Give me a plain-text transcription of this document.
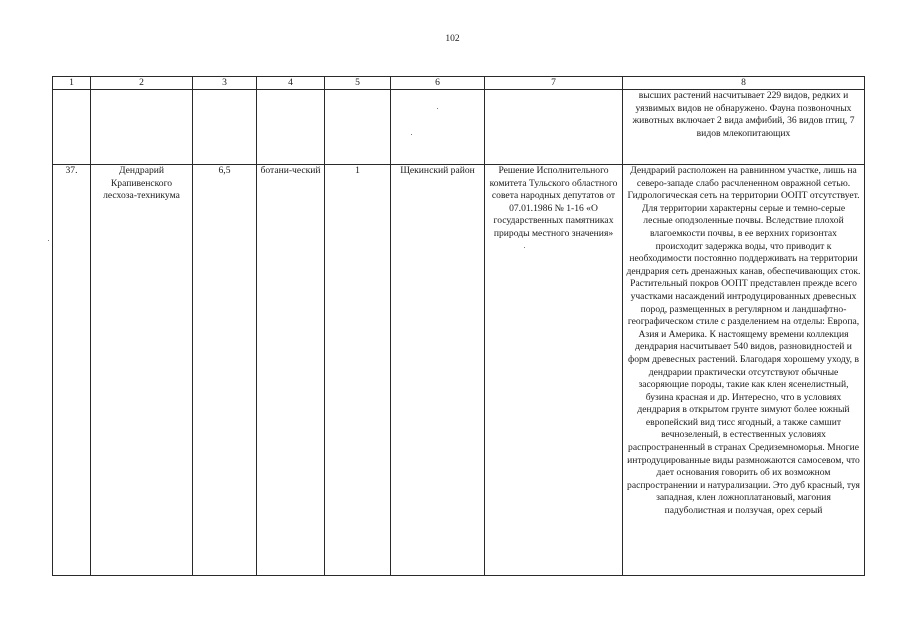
102
1	2	3	4	5	6	7	8
							высших растений насчитывает 229 видов, редких и уязвимых видов не обнаружено. Фауна позвоночных животных включает 2 вида амфибий, 36 видов птиц, 7 видов млекопитающих
37.	Дендрарий Крапивенского лесхоза-техникума	6,5	ботани-ческий	1	Щекинский район	Решение Исполнительного комитета Тульского областного совета народных депутатов от 07.01.1986 № 1-16 «О государственных памятниках природы местного значения»	Дендрарий расположен на равнинном участке, лишь на северо-западе слабо расчлененном овражной сетью. Гидрологическая сеть на территории ООПТ отсутствует. Для территории характерны серые и темно-серые лесные оподзоленные почвы. Вследствие плохой влагоемкости почвы, в ее верхних горизонтах происходит задержка воды, что приводит к необходимости постоянно поддерживать на территории дендрария сеть дренажных канав, обеспечивающих сток. Растительный покров ООПТ представлен прежде всего участками насаждений интродуцированных древесных пород, размещенных в регулярном и ландшафтно-географическом стиле с разделением на отделы: Европа, Азия и Америка. К настоящему времени коллекция дендрария насчитывает 540 видов, разновидностей и форм древесных растений. Благодаря хорошему уходу, в дендрарии практически отсутствуют обычные засоряющие породы, такие как клен ясенелистный, бузина красная и др. Интересно, что в условиях дендрария в открытом грунте зимуют более южный европейский вид тисс ягодный, а также самшит вечнозеленый, в естественных условиях распространенный в странах Средиземноморья. Многие интродуцированные виды размножаются самосевом, что дает основания говорить об их возможном распространении и натурализации. Это дуб красный, туя западная, клен ложноплатановый, магония падуболистная и ползучая, орех серый
